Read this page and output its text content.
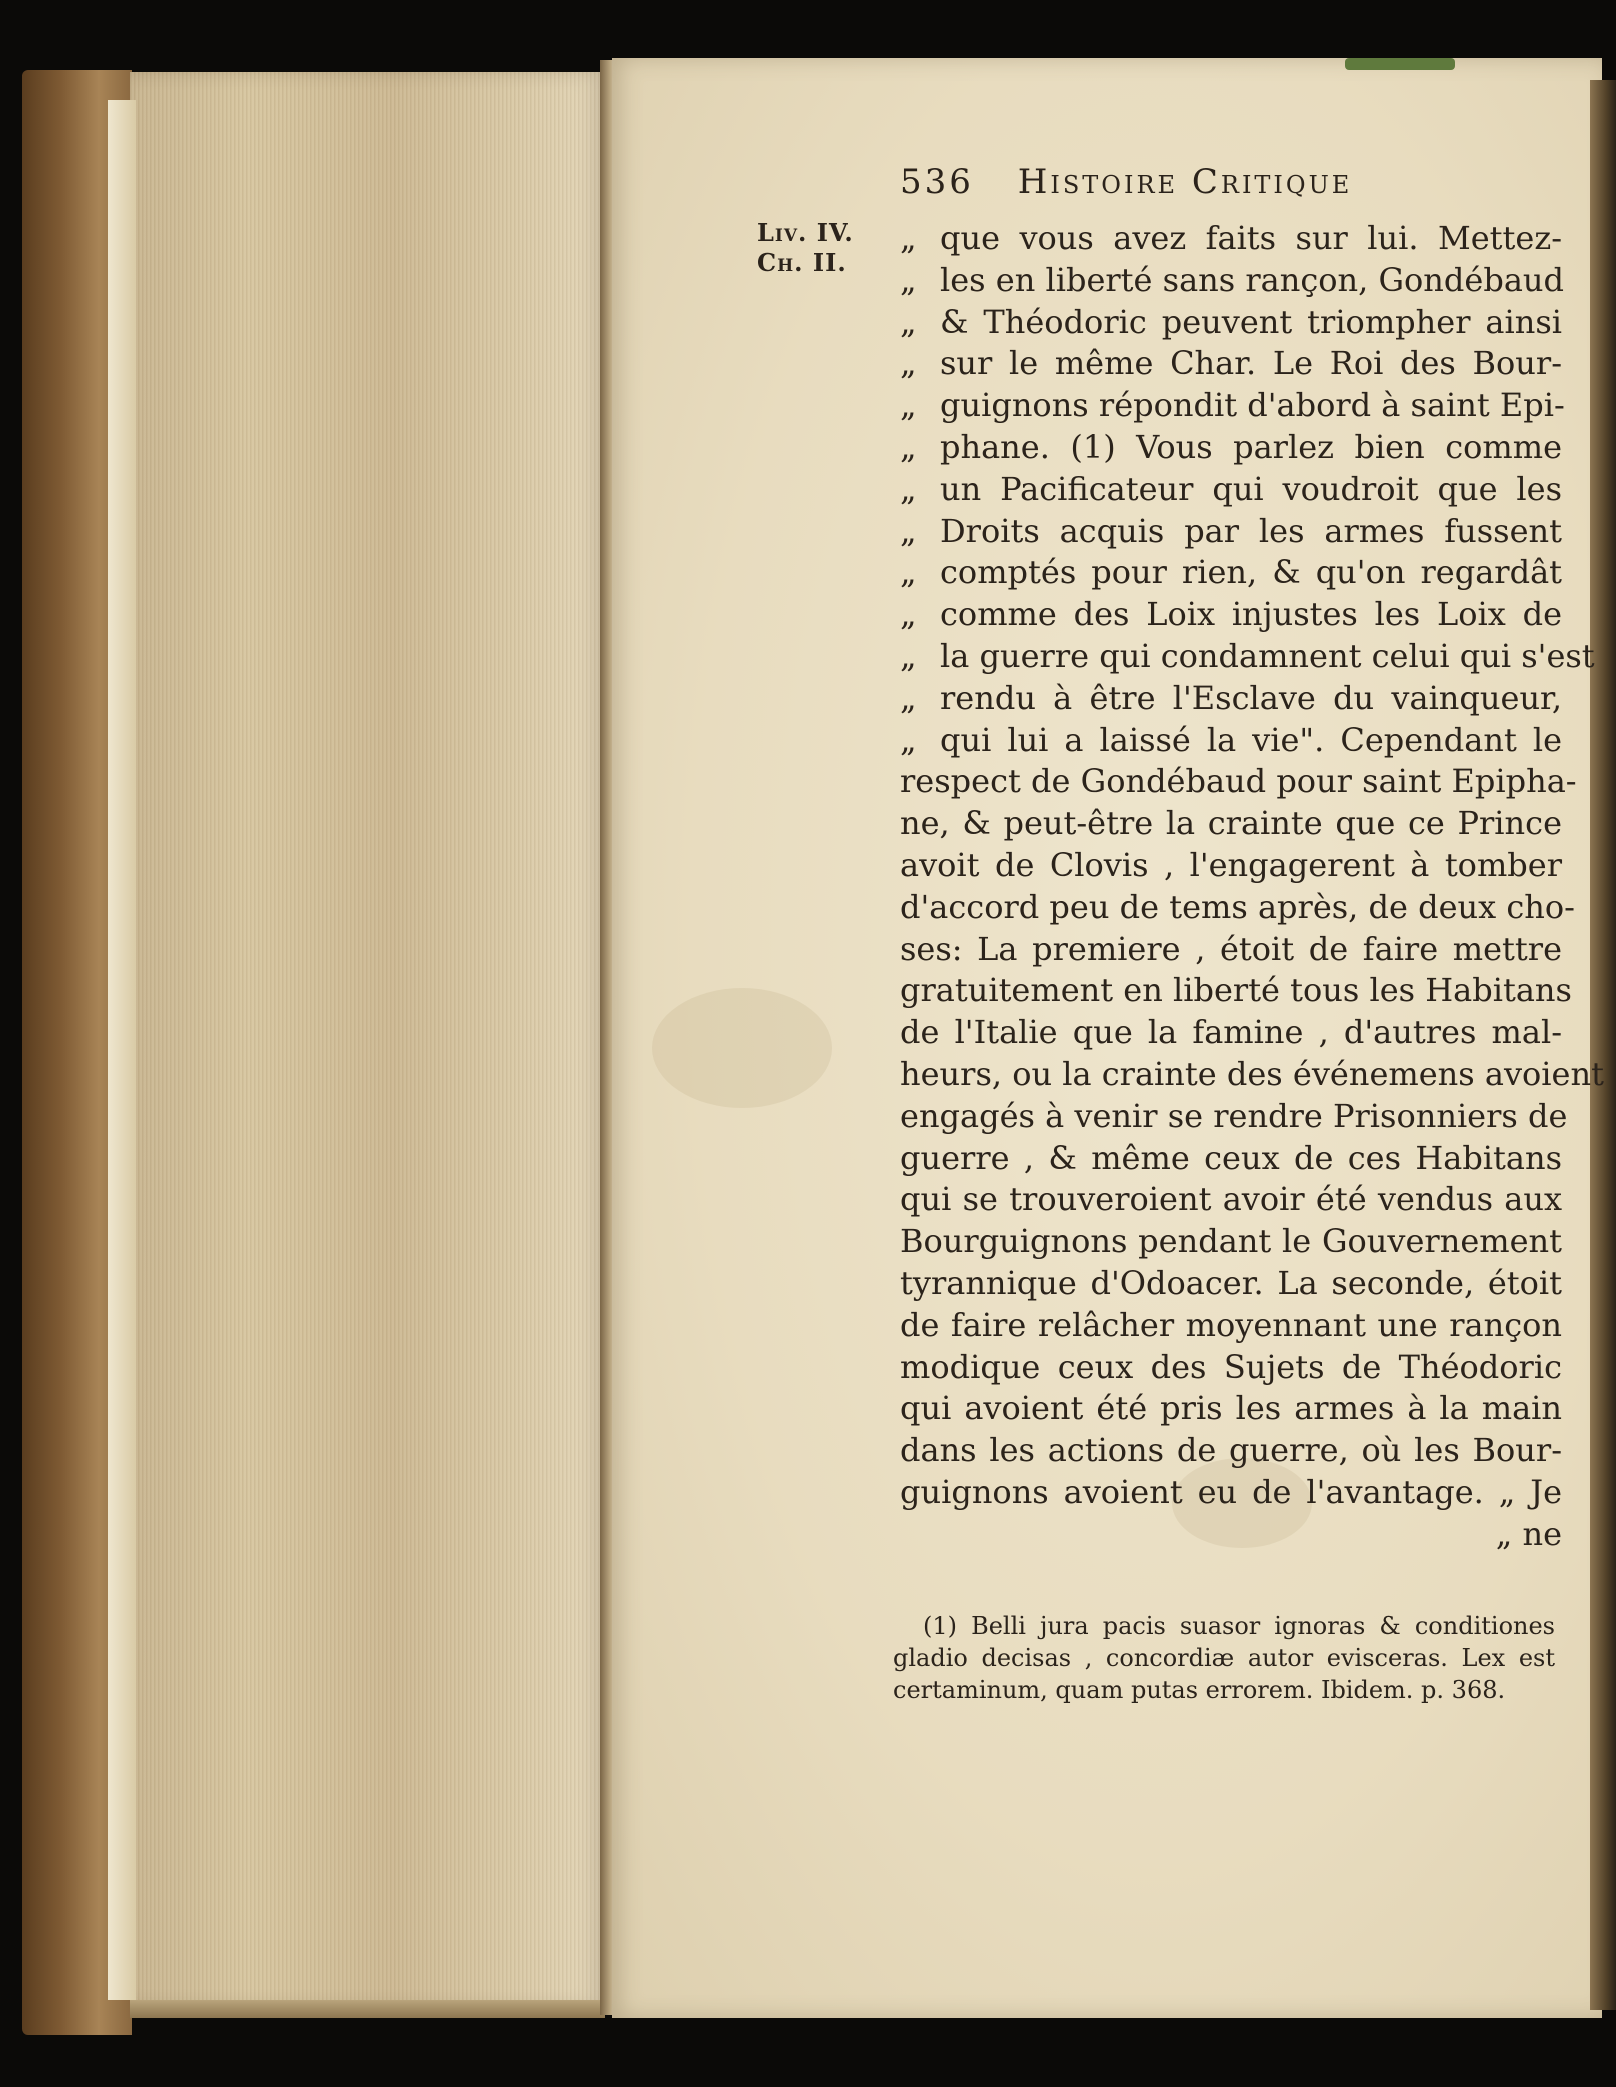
536 Histoire Critique
Liv. IV.
Ch. II.
„ que vous avez faits sur lui. Mettez-
„ les en liberté sans rançon, Gondébaud
„ & Théodoric peuvent triompher ainsi
„ sur le même Char. Le Roi des Bour-
„ guignons répondit d'abord à saint Epi-
„ phane. (1) Vous parlez bien comme
„ un Pacificateur qui voudroit que les
„ Droits acquis par les armes fussent
„ comptés pour rien, & qu'on regardât
„ comme des Loix injustes les Loix de
„ la guerre qui condamnent celui qui s'est
„ rendu à être l'Esclave du vainqueur,
„ qui lui a laissé la vie". Cependant le
respect de Gondébaud pour saint Epipha-
ne, & peut-être la crainte que ce Prince
avoit de Clovis , l'engagerent à tomber
d'accord peu de tems après, de deux cho-
ses: La premiere , étoit de faire mettre
gratuitement en liberté tous les Habitans
de l'Italie que la famine , d'autres mal-
heurs, ou la crainte des événemens avoient
engagés à venir se rendre Prisonniers de
guerre , & même ceux de ces Habitans
qui se trouveroient avoir été vendus aux
Bourguignons pendant le Gouvernement
tyrannique d'Odoacer. La seconde, étoit
de faire relâcher moyennant une rançon
modique ceux des Sujets de Théodoric
qui avoient été pris les armes à la main
dans les actions de guerre, où les Bour-
guignons avoient eu de l'avantage. „ Je
„ ne
(1) Belli jura pacis suasor ignoras & conditiones
gladio decisas , concordiæ autor evisceras. Lex est
certaminum, quam putas errorem. Ibidem. p. 368.
